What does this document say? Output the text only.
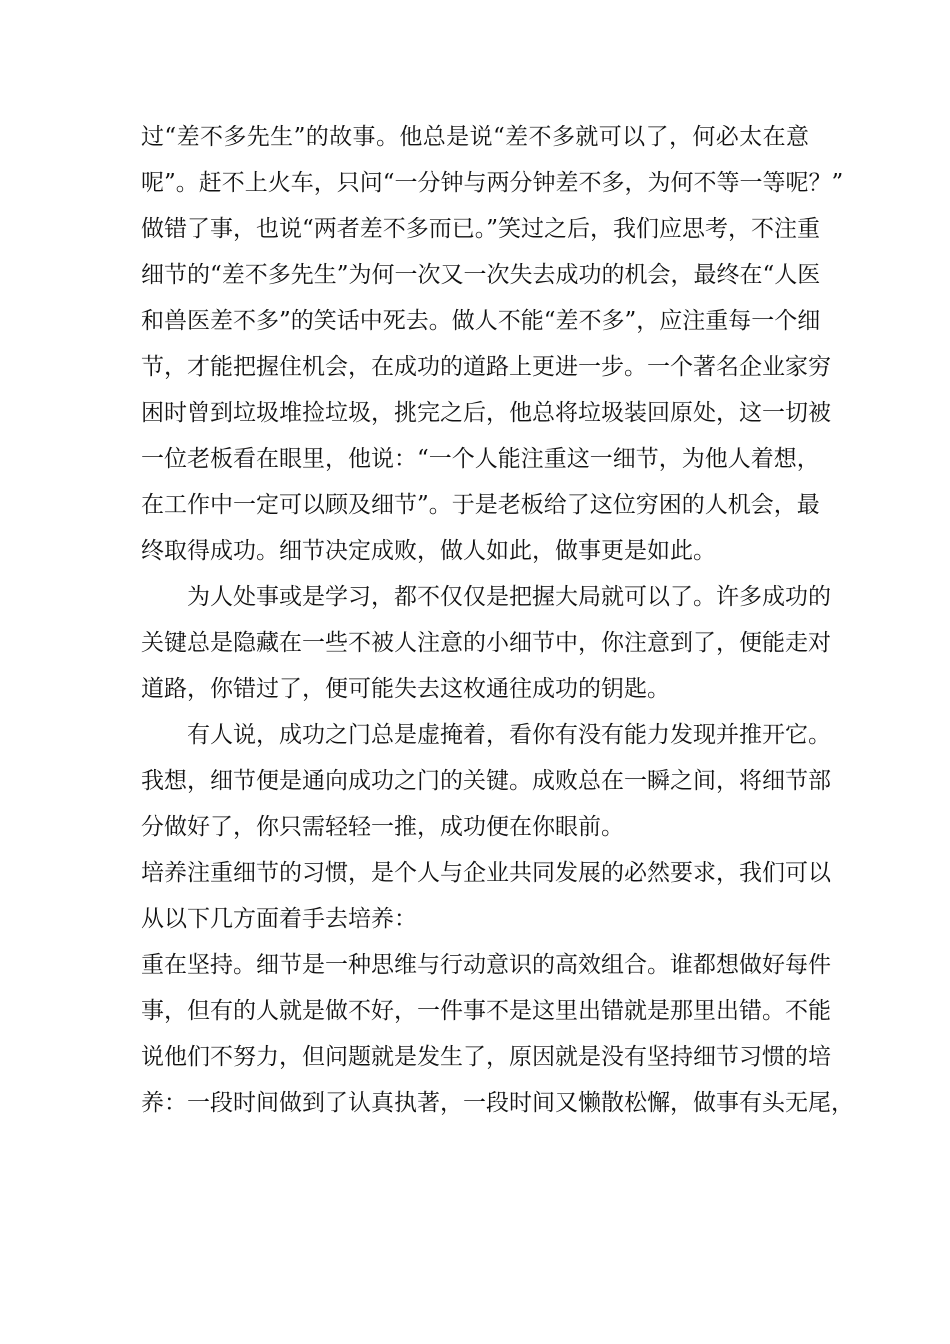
过“差不多先生”的故事。他总是说“差不多就可以了，何必太在意
呢”。赶不上火车，只问“一分钟与两分钟差不多，为何不等一等呢？”
做错了事，也说“两者差不多而已。”笑过之后，我们应思考，不注重
细节的“差不多先生”为何一次又一次失去成功的机会，最终在“人医
和兽医差不多”的笑话中死去。做人不能“差不多”，应注重每一个细
节，才能把握住机会，在成功的道路上更进一步。一个著名企业家穷
困时曾到垃圾堆捡垃圾，挑完之后，他总将垃圾装回原处，这一切被
一位老板看在眼里，他说：“一个人能注重这一细节，为他人着想，
在工作中一定可以顾及细节”。于是老板给了这位穷困的人机会，最
终取得成功。细节决定成败，做人如此，做事更是如此。
为人处事或是学习，都不仅仅是把握大局就可以了。许多成功的
关键总是隐藏在一些不被人注意的小细节中，你注意到了，便能走对
道路，你错过了，便可能失去这枚通往成功的钥匙。
有人说，成功之门总是虚掩着，看你有没有能力发现并推开它。
我想，细节便是通向成功之门的关键。成败总在一瞬之间，将细节部
分做好了，你只需轻轻一推，成功便在你眼前。
培养注重细节的习惯，是个人与企业共同发展的必然要求，我们可以
从以下几方面着手去培养：
重在坚持。细节是一种思维与行动意识的高效组合。谁都想做好每件
事，但有的人就是做不好，一件事不是这里出错就是那里出错。不能
说他们不努力，但问题就是发生了，原因就是没有坚持细节习惯的培
养：一段时间做到了认真执著，一段时间又懒散松懈，做事有头无尾，
